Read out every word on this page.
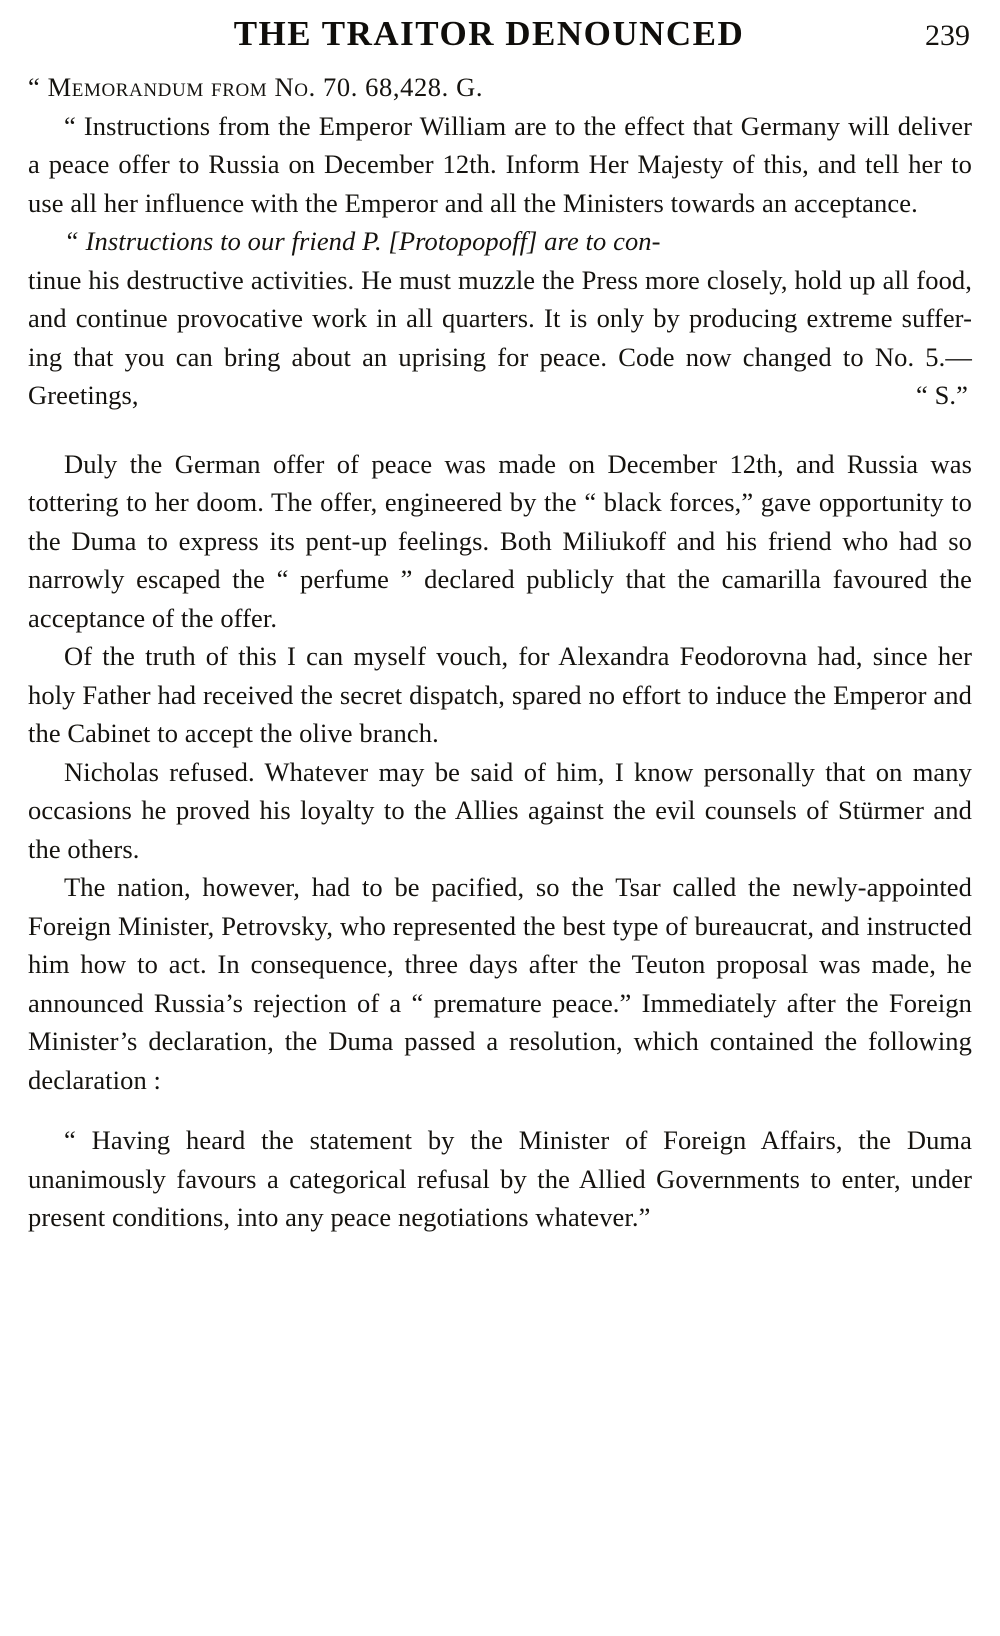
THE TRAITOR DENOUNCED	239

“ Memorandum from No. 70. 68,428. G.

“ Instructions from the Emperor William are to the effect that Germany will deliver a peace offer to Russia on December 12th. Inform Her Majesty of this, and tell her to use all her influence with the Emperor and all the Ministers towards an acceptance.

“ Instructions to our friend P. [Protopopoff] are to con-

tinue his destructive activities. He must muzzle the Press more closely, hold up all food, and continue provocative work in all quarters. It is only by producing extreme suffer-ing that you can bring about an uprising for peace. Code now changed to No. 5.—Greetings,	“ S.”

Duly the German offer of peace was made on December 12th, and Russia was tottering to her doom. The offer, engineered by the “ black forces,” gave opportunity to the Duma to express its pent-up feelings. Both Miliukoff and his friend who had so narrowly escaped the “ perfume ” declared publicly that the camarilla favoured the acceptance of the offer.

Of the truth of this I can myself vouch, for Alexandra Feodorovna had, since her holy Father had received the secret dispatch, spared no effort to induce the Emperor and the Cabinet to accept the olive branch.

Nicholas refused. Whatever may be said of him, I know personally that on many occasions he proved his loyalty to the Allies against the evil counsels of Stürmer and the others.

The nation, however, had to be pacified, so the Tsar called the newly-appointed Foreign Minister, Petrovsky, who represented the best type of bureaucrat, and instructed him how to act. In consequence, three days after the Teuton proposal was made, he announced Russia’s rejection of a “ premature peace.” Immediately after the Foreign Minister’s declaration, the Duma passed a resolution, which contained the following declaration :

“ Having heard the statement by the Minister of Foreign Affairs, the Duma unanimously favours a categorical refusal by the Allied Governments to enter, under present conditions, into any peace negotiations whatever.”
